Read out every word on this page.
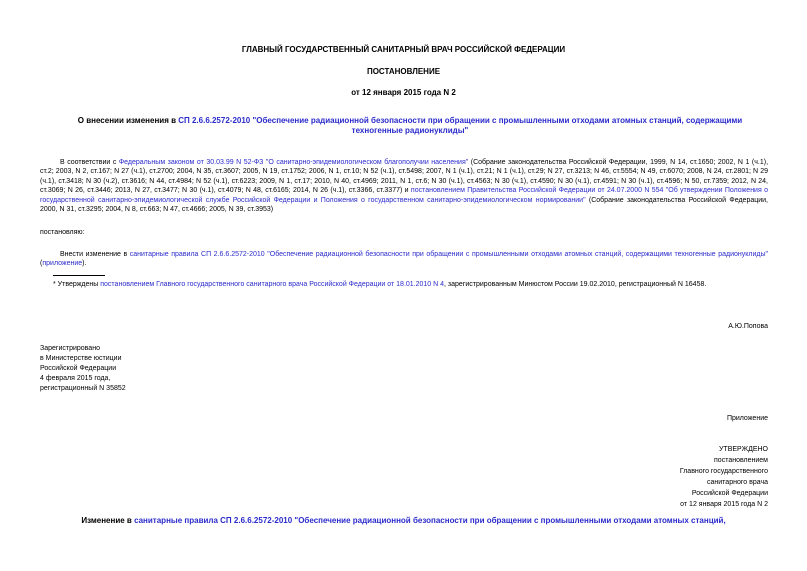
ГЛАВНЫЙ ГОСУДАРСТВЕННЫЙ САНИТАРНЫЙ ВРАЧ РОССИЙСКОЙ ФЕДЕРАЦИИ
ПОСТАНОВЛЕНИЕ
от 12 января 2015 года N 2
О внесении изменения в СП 2.6.6.2572-2010 "Обеспечение радиационной безопасности при обращении с промышленными отходами атомных станций, содержащими техногенные радионуклиды"
В соответствии с Федеральным законом от 30.03.99 N 52-ФЗ "О санитарно-эпидемиологическом благополучии населения" (Собрание законодательства Российской Федерации, 1999, N 14, ст.1650; 2002, N 1 (ч.1), ст.2; 2003, N 2, ст.167; N 27 (ч.1), ст.2700; 2004, N 35, ст.3607; 2005, N 19, ст.1752; 2006, N 1, ст.10; N 52 (ч.1), ст.5498; 2007, N 1 (ч.1), ст.21; N 1 (ч.1), ст.29; N 27, ст.3213; N 46, ст.5554; N 49, ст.6070; 2008, N 24, ст.2801; N 29 (ч.1), ст.3418; N 30 (ч.2), ст.3616; N 44, ст.4984; N 52 (ч.1), ст.6223; 2009, N 1, ст.17; 2010, N 40, ст.4969; 2011, N 1, ст.6; N 30 (ч.1), ст.4563; N 30 (ч.1), ст.4590; N 30 (ч.1), ст.4591; N 30 (ч.1), ст.4596; N 50, ст.7359; 2012, N 24, ст.3069; N 26, ст.3446; 2013, N 27, ст.3477; N 30 (ч.1), ст.4079; N 48, ст.6165; 2014, N 26 (ч.1), ст.3366, ст.3377) и постановлением Правительства Российской Федерации от 24.07.2000 N 554 "Об утверждении Положения о государственной санитарно-эпидемиологической службе Российской Федерации и Положения о государственном санитарно-эпидемиологическом нормировании" (Собрание законодательства Российской Федерации, 2000, N 31, ст.3295; 2004, N 8, ст.663; N 47, ст.4666; 2005, N 39, ст.3953)
постановляю:
Внести изменение в санитарные правила СП 2.6.6.2572-2010 "Обеспечение радиационной безопасности при обращении с промышленными отходами атомных станций, содержащими техногенные радионуклиды" (приложение).
* Утверждены постановлением Главного государственного санитарного врача Российской Федерации от 18.01.2010 N 4, зарегистрированным Минюстом России 19.02.2010, регистрационный N 16458.
А.Ю.Попова
Зарегистрировано
в Министерстве юстиции
Российской Федерации
4 февраля 2015 года,
регистрационный N 35852
Приложение
УТВЕРЖДЕНО
постановлением
Главного государственного
санитарного врача
Российской Федерации
от 12 января 2015 года N 2
Изменение в санитарные правила СП 2.6.6.2572-2010 "Обеспечение радиационной безопасности при обращении с промышленными отходами атомных станций,
